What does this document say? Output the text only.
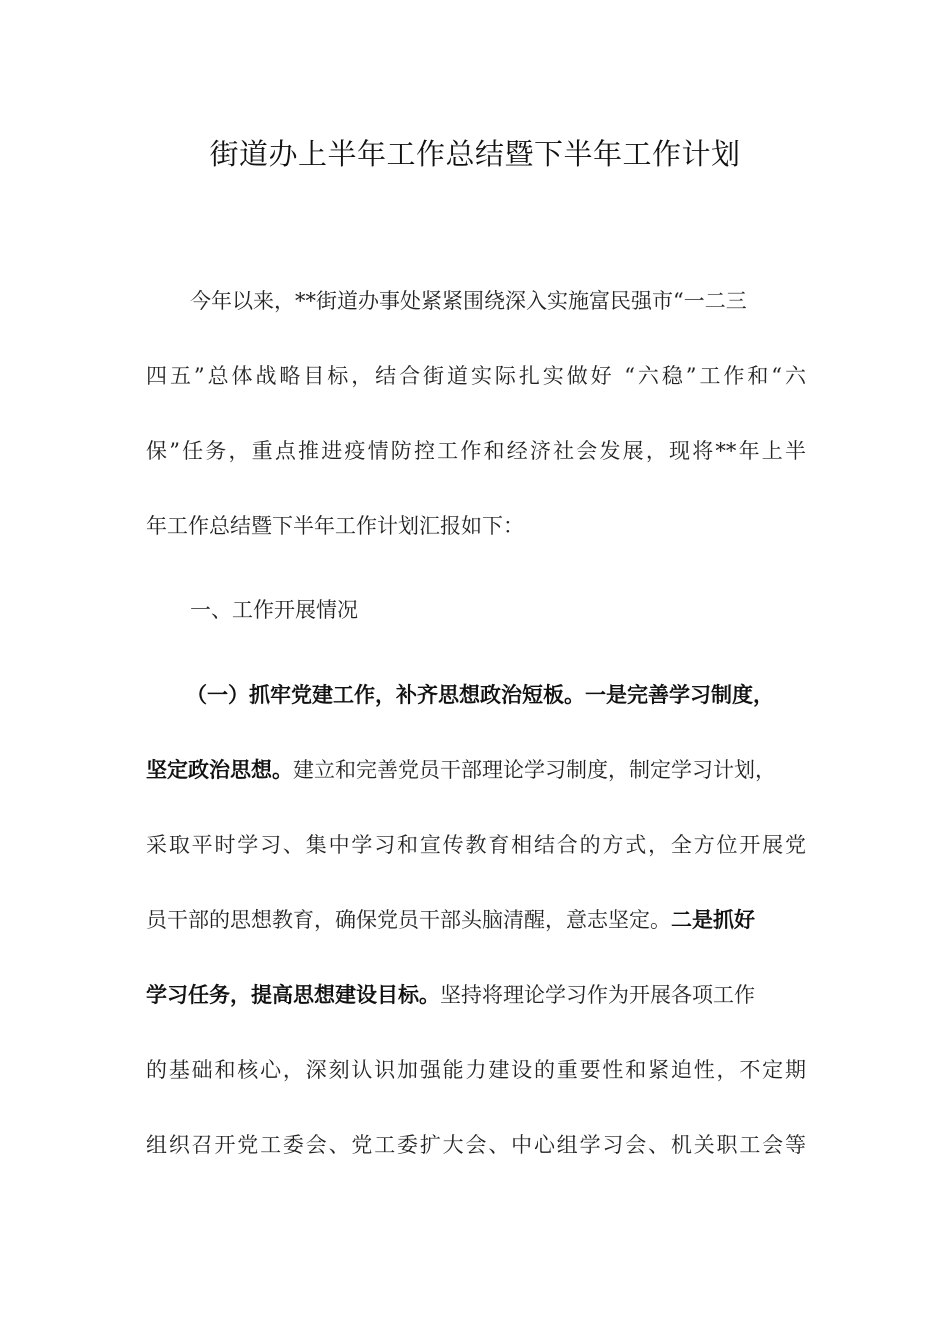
街道办上半年工作总结暨下半年工作计划
今年以来，**街道办事处紧紧围绕深入实施富民强市“一二三
四五”总体战略目标，结合街道实际扎实做好 “六稳”工作和“六
保”任务，重点推进疫情防控工作和经济社会发展，现将**年上半
年工作总结暨下半年工作计划汇报如下：
一、工作开展情况
（一）抓牢党建工作，补齐思想政治短板。一是完善学习制度，
坚定政治思想。建立和完善党员干部理论学习制度，制定学习计划，
采取平时学习、集中学习和宣传教育相结合的方式，全方位开展党
员干部的思想教育，确保党员干部头脑清醒，意志坚定。二是抓好
学习任务，提高思想建设目标。坚持将理论学习作为开展各项工作
的基础和核心，深刻认识加强能力建设的重要性和紧迫性，不定期
组织召开党工委会、党工委扩大会、中心组学习会、机关职工会等
